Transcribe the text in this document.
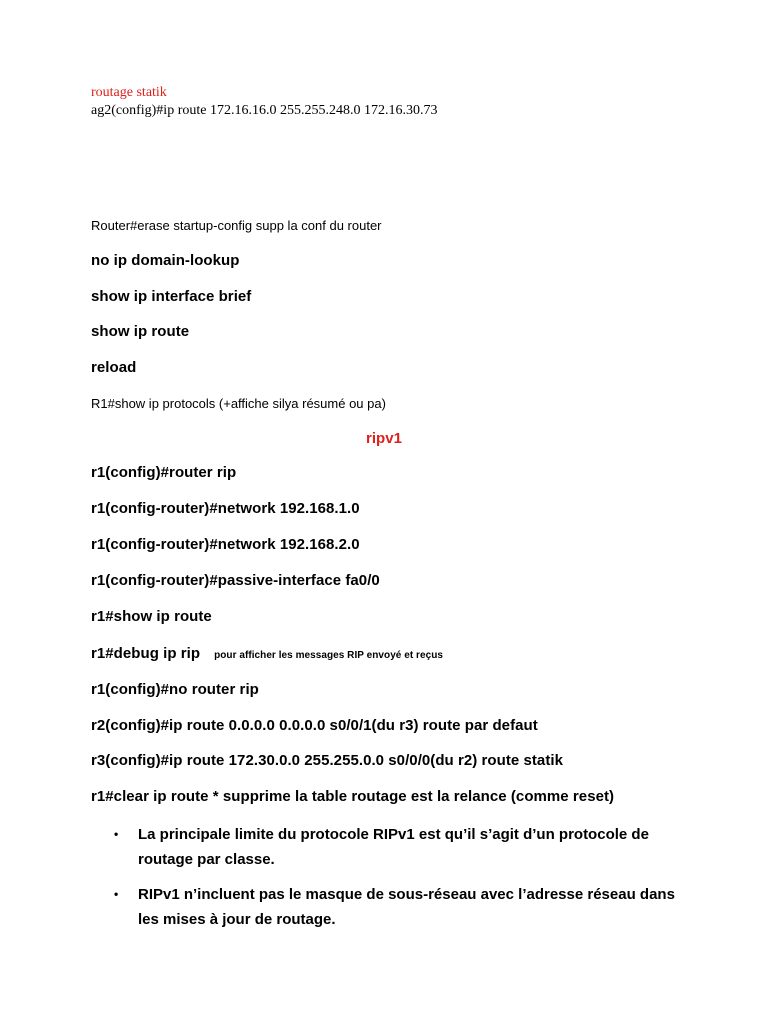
routage statik
ag2(config)#ip route 172.16.16.0 255.255.248.0 172.16.30.73
Router#erase startup-config supp la conf du router
no ip domain-lookup
show ip interface brief
show ip route
reload
R1#show ip protocols (+affiche silya résumé ou pa)
ripv1
r1(config)#router rip
r1(config-router)#network 192.168.1.0
r1(config-router)#network 192.168.2.0
r1(config-router)#passive-interface fa0/0
r1#show ip route
r1#debug ip rip pour afficher les messages RIP envoyé et reçus
r1(config)#no router rip
r2(config)#ip route 0.0.0.0 0.0.0.0 s0/0/1(du r3) route par defaut
r3(config)#ip route 172.30.0.0 255.255.0.0 s0/0/0(du r2) route statik
r1#clear ip route * supprime la table routage est la relance (comme reset)
• La principale limite du protocole RIPv1 est qu’il s’agit d’un protocole de routage par classe.
• RIPv1 n’incluent pas le masque de sous-réseau avec l’adresse réseau dans les mises à jour de routage.
